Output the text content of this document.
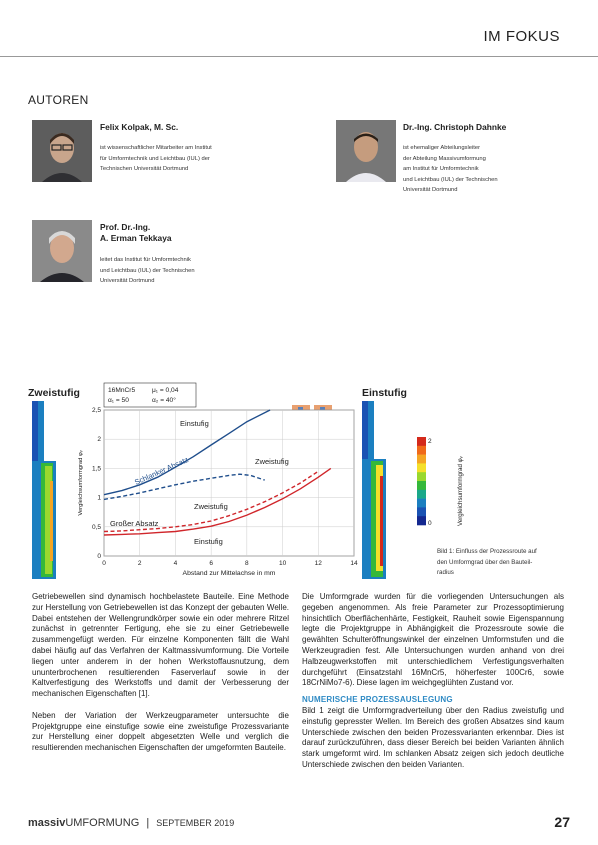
IM FOKUS
AUTOREN
Felix Kolpak, M. Sc.
ist wissenschaftlicher Mitarbeiter am Institut
für Umformtechnik und Leichtbau (IUL) der
Technischen Universität Dortmund
Dr.-Ing. Christoph Dahnke
ist ehemaliger Abteilungsleiter
der Abteilung Massivumformung
am Institut für Umformtechnik
und Leichtbau (IUL) der Technischen
Universität Dortmund
Prof. Dr.-Ing.
A. Erman Tekkaya
leitet das Institut für Umformtechnik
und Leichtbau (IUL) der Technischen
Universität Dortmund
Zweistufig	Einstufig
Vergleichsumformgrad φᵥ
2
0
16MnCr5	μ₁ = 0,04
α₁ = 50	α₂ = 40°
0	2	4	6	8	10	12	14
0
0,5
1
1,5
2
2,5
Abstand zur Mittelachse in mm
Vergleichsumformgrad φᵥ
Einstufig
Zweistufig
Schlanker Absatz
Zweistufig
Großer Absatz
Einstufig
Bild 1: Einfluss der Prozessroute auf
den Umformgrad über den Bauteil-
radius

Getriebewellen sind dynamisch hochbelastete Bauteile. Eine Methode zur Herstellung von Getriebewellen ist das Konzept der gebauten Welle. Dabei entstehen der Wellengrundkörper sowie ein oder mehrere Ritzel zunächst in getrennter Fertigung, ehe sie zu einer Getriebewelle zusammengefügt werden. Für einzelne Komponenten fällt die Wahl dabei häufig auf das Verfahren der Kaltmassivumformung. Die Vorteile liegen unter anderem in der hohen Werkstoffausnutzung, dem ununterbrochenen resultierenden Faserverlauf sowie in der Kaltverfestigung des Werkstoffs und damit der Verbesserung der mechanischen Eigenschaften [1].

Neben der Variation der Werkzeugparameter untersuchte die Projektgruppe eine einstufige sowie eine zweistufige Prozessvariante zur Herstellung einer doppelt abgesetzten Welle und verglich die resultierenden mechanischen Eigenschaften der umgeformten Bauteile.

Die Umformgrade wurden für die vorliegenden Untersuchungen als gegeben angenommen. Als freie Parameter zur Prozessoptimierung hinsichtlich Oberflächenhärte, Festigkeit, Rauheit sowie Eigenspannung legte die Projektgruppe in Abhängigkeit die Prozessroute sowie die gewählten Schulteröffnungswinkel der einzelnen Umformstufen und die Werkzeugradien fest. Alle Untersuchungen wurden anhand von drei Halbzeugwerkstoffen mit unterschiedlichem Verfestigungsverhalten durchgeführt (Einsatzstahl 16MnCr5, höherfester 100Cr6, sowie 18CrNiMo7-6). Diese lagen im weichgeglühten Zustand vor.

NUMERISCHE PROZESSAUSLEGUNG

Bild 1 zeigt die Umformgradverteilung über den Radius zweistufig und einstufig gepresster Wellen. Im Bereich des großen Absatzes sind kaum Unterschiede zwischen den beiden Prozessvarianten erkennbar. Dies ist darauf zurückzuführen, dass dieser Bereich bei beiden Varianten ähnlich stark umgeformt wird. Im schlanken Absatz zeigen sich jedoch deutliche Unterschiede zwischen den beiden Varianten.

massivUMFORMUNG | SEPTEMBER 2019	27
